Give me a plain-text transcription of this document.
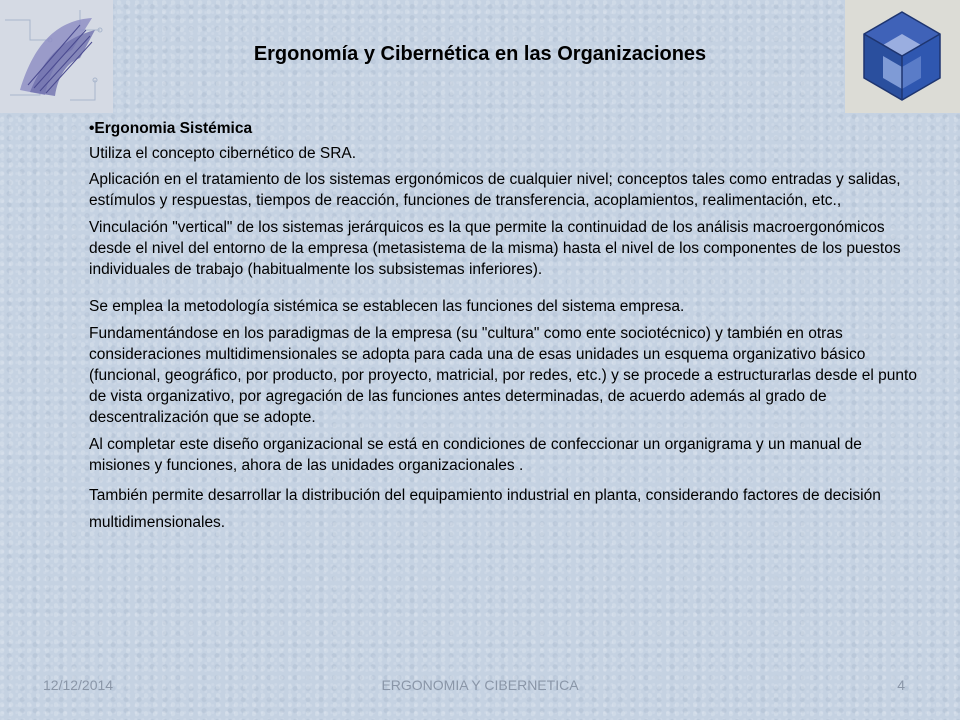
Ergonomía y Cibernética en las Organizaciones

•Ergonomia Sistémica

Utiliza el concepto cibernético de SRA.

Aplicación en el tratamiento de los sistemas ergonómicos de cualquier nivel; conceptos tales como entradas y salidas, estímulos y respuestas, tiempos de reacción, funciones de transferencia, acoplamientos, realimentación, etc.,

Vinculación "vertical" de los sistemas jerárquicos es la que permite la continuidad de los análisis macroergonómicos desde el nivel del entorno de la empresa (metasistema de la misma) hasta el nivel de los componentes de los puestos individuales de trabajo (habitualmente los subsistemas inferiores).

Se emplea la metodología sistémica se establecen las funciones del sistema empresa.

Fundamentándose en los paradigmas de la empresa (su "cultura" como ente sociotécnico) y también en otras consideraciones multidimensionales se adopta para cada una de esas unidades un esquema organizativo básico (funcional, geográfico, por producto, por proyecto, matricial, por redes, etc.) y se procede a estructurarlas desde el punto de vista organizativo, por agregación de las funciones antes determinadas, de acuerdo además al grado de descentralización que se adopte.

Al completar este diseño organizacional se está en condiciones de confeccionar un organigrama y un manual de misiones y funciones, ahora de las unidades organizacionales .

También permite desarrollar la distribución del equipamiento industrial en planta, considerando factores de decisión multidimensionales.

12/12/2014	ERGONOMIA Y CIBERNETICA	4
